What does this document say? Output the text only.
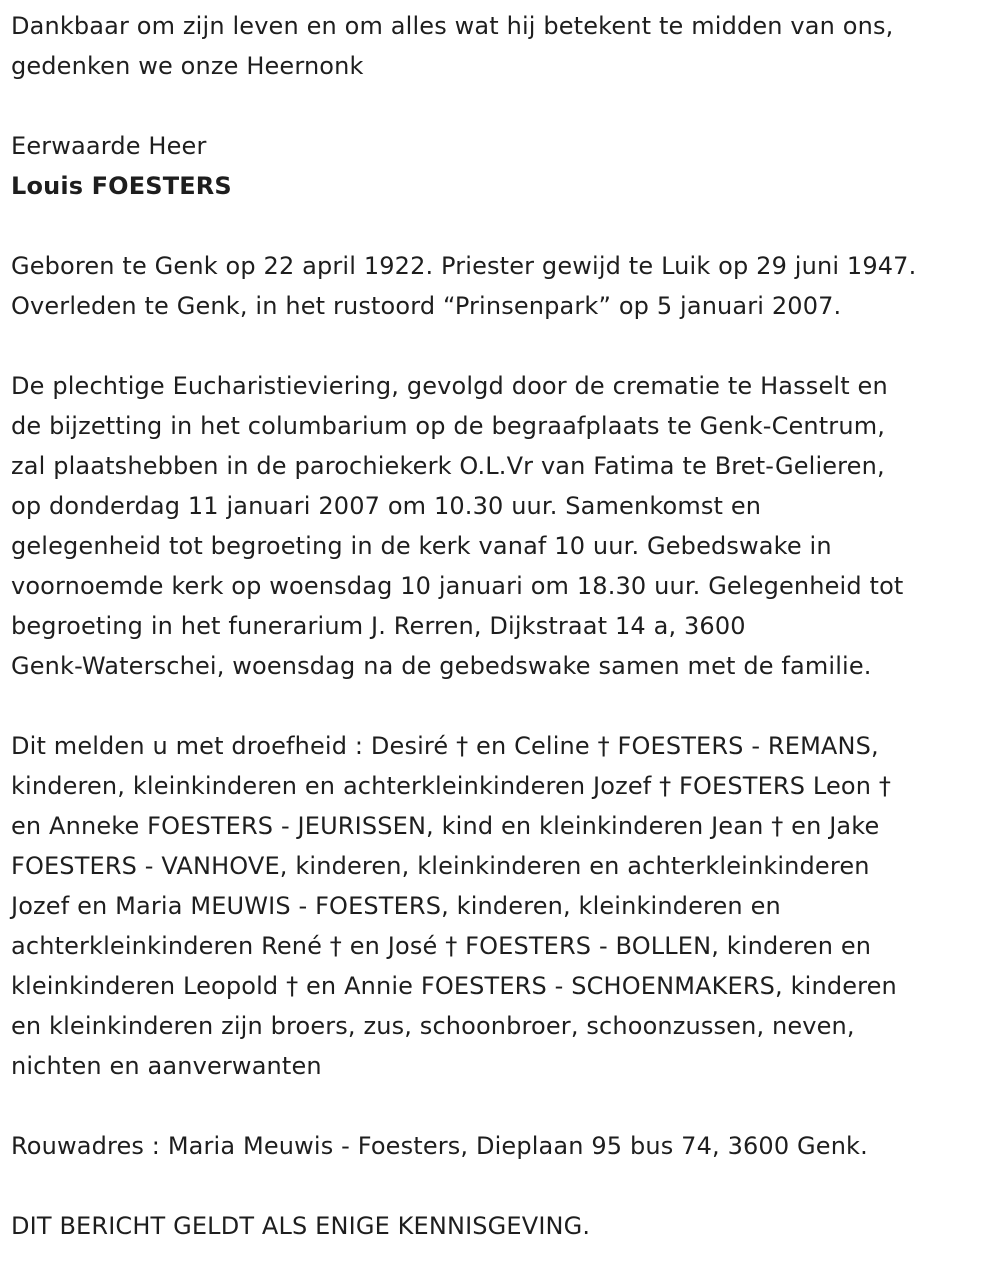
Dankbaar om zijn leven en om alles wat hij betekent te midden van ons,
gedenken we onze Heernonk

Eerwaarde Heer

Louis FOESTERS

Geboren te Genk op 22 april 1922. Priester gewijd te Luik op 29 juni 1947.
Overleden te Genk, in het rustoord “Prinsenpark” op 5 januari 2007.

De plechtige Eucharistieviering, gevolgd door de crematie te Hasselt en
de bijzetting in het columbarium op de begraafplaats te Genk-Centrum,
zal plaatshebben in de parochiekerk O.L.Vr van Fatima te Bret-Gelieren,
op donderdag 11 januari 2007 om 10.30 uur. Samenkomst en
gelegenheid tot begroeting in de kerk vanaf 10 uur. Gebedswake in
voornoemde kerk op woensdag 10 januari om 18.30 uur. Gelegenheid tot
begroeting in het funerarium J. Rerren, Dijkstraat 14 a, 3600
Genk-Waterschei, woensdag na de gebedswake samen met de familie.

Dit melden u met droefheid : Desiré † en Celine † FOESTERS - REMANS,
kinderen, kleinkinderen en achterkleinkinderen Jozef † FOESTERS Leon †
en Anneke FOESTERS - JEURISSEN, kind en kleinkinderen Jean † en Jake
FOESTERS - VANHOVE, kinderen, kleinkinderen en achterkleinkinderen
Jozef en Maria MEUWIS - FOESTERS, kinderen, kleinkinderen en
achterkleinkinderen René † en José † FOESTERS - BOLLEN, kinderen en
kleinkinderen Leopold † en Annie FOESTERS - SCHOENMAKERS, kinderen
en kleinkinderen zijn broers, zus, schoonbroer, schoonzussen, neven,
nichten en aanverwanten

Rouwadres : Maria Meuwis - Foesters, Dieplaan 95 bus 74, 3600 Genk.

DIT BERICHT GELDT ALS ENIGE KENNISGEVING.
